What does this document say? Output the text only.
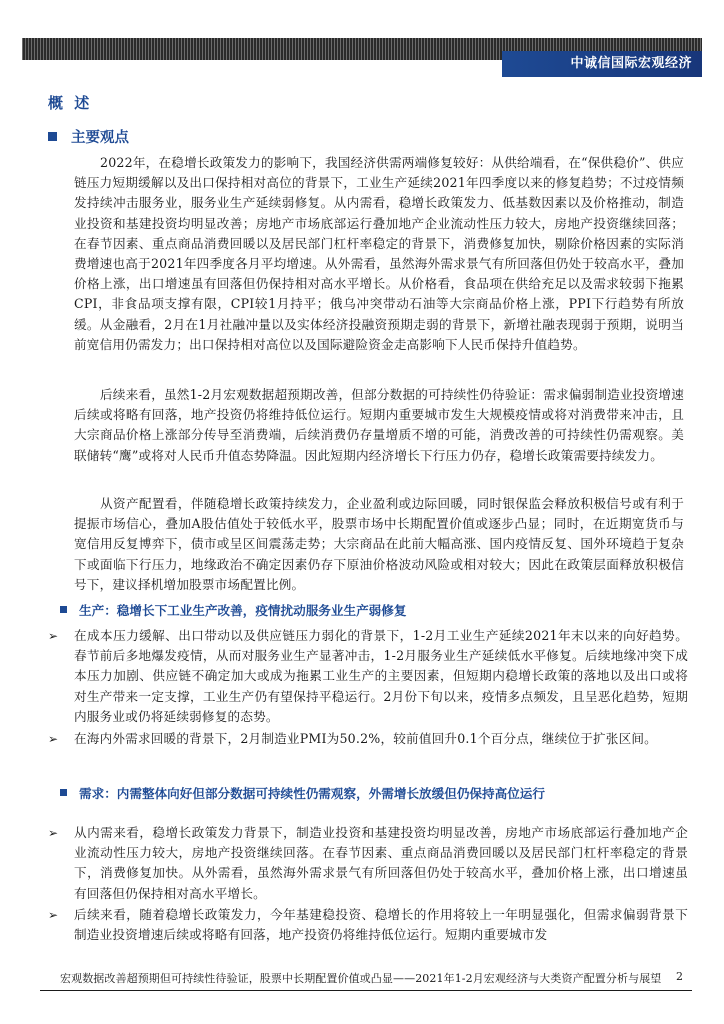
中诚信国际宏观经济
概 述
主要观点

2022年，在稳增长政策发力的影响下，我国经济供需两端修复较好：从供给端看，在“保供稳价”、供应链压力短期缓解以及出口保持相对高位的背景下，工业生产延续2021年四季度以来的修复趋势；不过疫情频发持续冲击服务业，服务业生产延续弱修复。从内需看，稳增长政策发力、低基数因素以及价格推动，制造业投资和基建投资均明显改善；房地产市场底部运行叠加地产企业流动性压力较大，房地产投资继续回落；在春节因素、重点商品消费回暖以及居民部门杠杆率稳定的背景下，消费修复加快，剔除价格因素的实际消费增速也高于2021年四季度各月平均增速。从外需看，虽然海外需求景气有所回落但仍处于较高水平，叠加价格上涨，出口增速虽有回落但仍保持相对高水平增长。从价格看，食品项在供给充足以及需求较弱下拖累CPI，非食品项支撑有限，CPI较1月持平；俄乌冲突带动石油等大宗商品价格上涨，PPI下行趋势有所放缓。从金融看，2月在1月社融冲量以及实体经济投融资预期走弱的背景下，新增社融表现弱于预期，说明当前宽信用仍需发力；出口保持相对高位以及国际避险资金走高影响下人民币保持升值趋势。

后续来看，虽然1-2月宏观数据超预期改善，但部分数据的可持续性仍待验证：需求偏弱制造业投资增速后续或将略有回落，地产投资仍将维持低位运行。短期内重要城市发生大规模疫情或将对消费带来冲击，且大宗商品价格上涨部分传导至消费端，后续消费仍存量增质不增的可能，消费改善的可持续性仍需观察。美联储转“鹰”或将对人民币升值态势降温。因此短期内经济增长下行压力仍存，稳增长政策需要持续发力。

从资产配置看，伴随稳增长政策持续发力，企业盈利或边际回暖，同时银保监会释放积极信号或有利于提振市场信心，叠加A股估值处于较低水平，股票市场中长期配置价值或逐步凸显；同时，在近期宽货币与宽信用反复博弈下，债市或呈区间震荡走势；大宗商品在此前大幅高涨、国内疫情反复、国外环境趋于复杂下或面临下行压力，地缘政治不确定因素仍存下原油价格波动风险或相对较大；因此在政策层面释放积极信号下，建议择机增加股票市场配置比例。

生产：稳增长下工业生产改善，疫情扰动服务业生产弱修复
➢	在成本压力缓解、出口带动以及供应链压力弱化的背景下，1-2月工业生产延续2021年末以来的向好趋势。春节前后多地爆发疫情，从而对服务业生产显著冲击，1-2月服务业生产延续低水平修复。后续地缘冲突下成本压力加剧、供应链不确定加大或成为拖累工业生产的主要因素，但短期内稳增长政策的落地以及出口或将对生产带来一定支撑，工业生产仍有望保持平稳运行。2月份下旬以来，疫情多点频发，且呈恶化趋势，短期内服务业或仍将延续弱修复的态势。
➢	在海内外需求回暖的背景下，2月制造业PMI为50.2%，较前值回升0.1个百分点，继续位于扩张区间。
需求：内需整体向好但部分数据可持续性仍需观察，外需增长放缓但仍保持高位运行
➢	从内需来看，稳增长政策发力背景下，制造业投资和基建投资均明显改善，房地产市场底部运行叠加地产企业流动性压力较大，房地产投资继续回落。在春节因素、重点商品消费回暖以及居民部门杠杆率稳定的背景下，消费修复加快。从外需看，虽然海外需求景气有所回落但仍处于较高水平，叠加价格上涨，出口增速虽有回落但仍保持相对高水平增长。
➢	后续来看，随着稳增长政策发力，今年基建稳投资、稳增长的作用将较上一年明显强化，但需求偏弱背景下制造业投资增速后续或将略有回落，地产投资仍将维持低位运行。短期内重要城市发
宏观数据改善超预期但可持续性待验证，股票中长期配置价值或凸显——2021年1-2月宏观经济与大类资产配置分析与展望 2
